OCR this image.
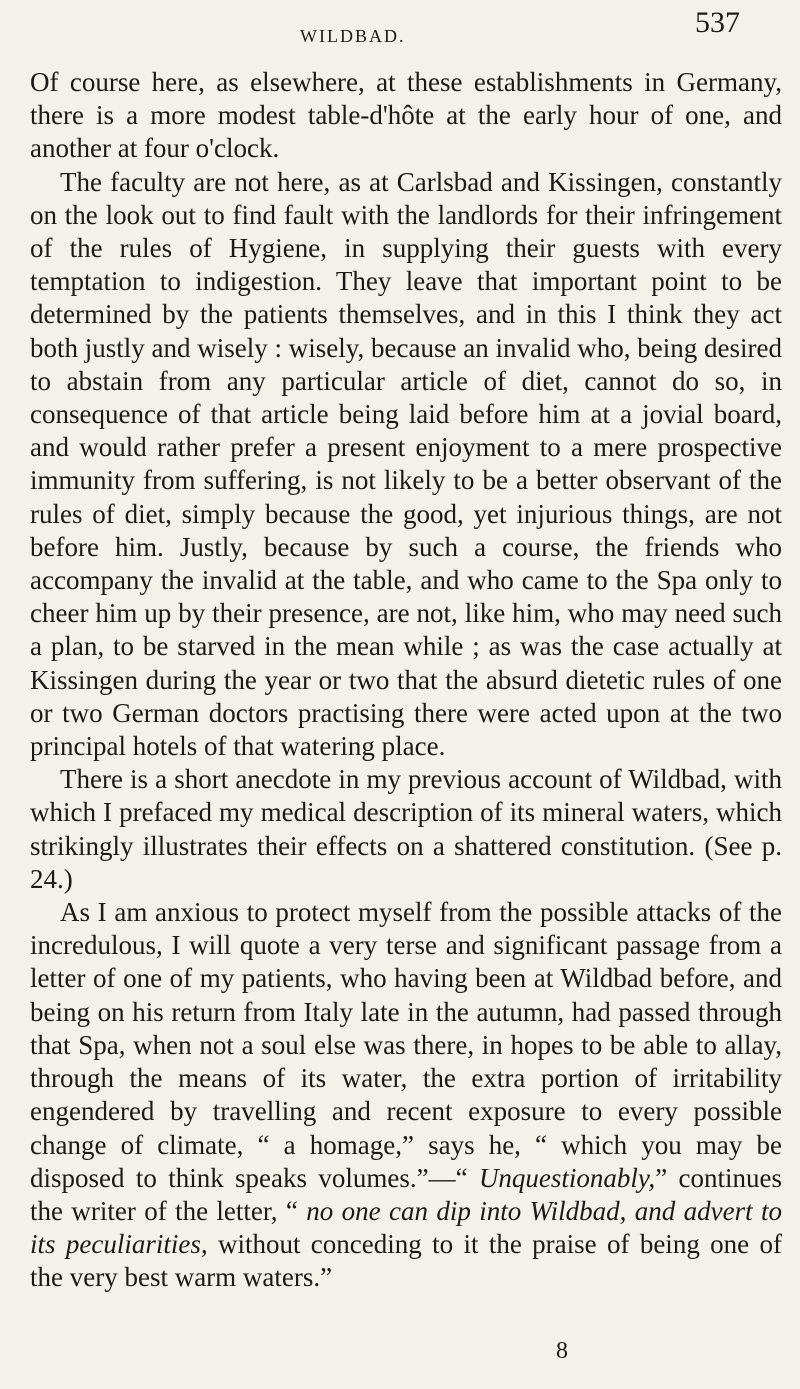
WILDBAD.	537

Of course here, as elsewhere, at these establishments in Germany, there is a more modest table-d'hôte at the early hour of one, and another at four o'clock.

The faculty are not here, as at Carlsbad and Kissingen, constantly on the look out to find fault with the landlords for their infringement of the rules of Hygiene, in supplying their guests with every temptation to indigestion. They leave that important point to be determined by the patients themselves, and in this I think they act both justly and wisely : wisely, because an invalid who, being desired to abstain from any particular article of diet, cannot do so, in consequence of that article being laid before him at a jovial board, and would rather prefer a present enjoyment to a mere prospective immunity from suffering, is not likely to be a better observant of the rules of diet, simply because the good, yet injurious things, are not before him. Justly, because by such a course, the friends who accompany the invalid at the table, and who came to the Spa only to cheer him up by their presence, are not, like him, who may need such a plan, to be starved in the mean while ; as was the case actually at Kissingen during the year or two that the absurd dietetic rules of one or two German doctors practising there were acted upon at the two principal hotels of that watering place.

There is a short anecdote in my previous account of Wildbad, with which I prefaced my medical description of its mineral waters, which strikingly illustrates their effects on a shattered constitution. (See p. 24.)

As I am anxious to protect myself from the possible attacks of the incredulous, I will quote a very terse and significant passage from a letter of one of my patients, who having been at Wildbad before, and being on his return from Italy late in the autumn, had passed through that Spa, when not a soul else was there, in hopes to be able to allay, through the means of its water, the extra portion of irritability engendered by travelling and recent exposure to every possible change of climate, “ a homage,” says he, “ which you may be disposed to think speaks volumes.”—“ Unquestionably,” continues the writer of the letter, “ no one can dip into Wildbad, and advert to its peculiarities, without conceding to it the praise of being one of the very best warm waters.”

8
